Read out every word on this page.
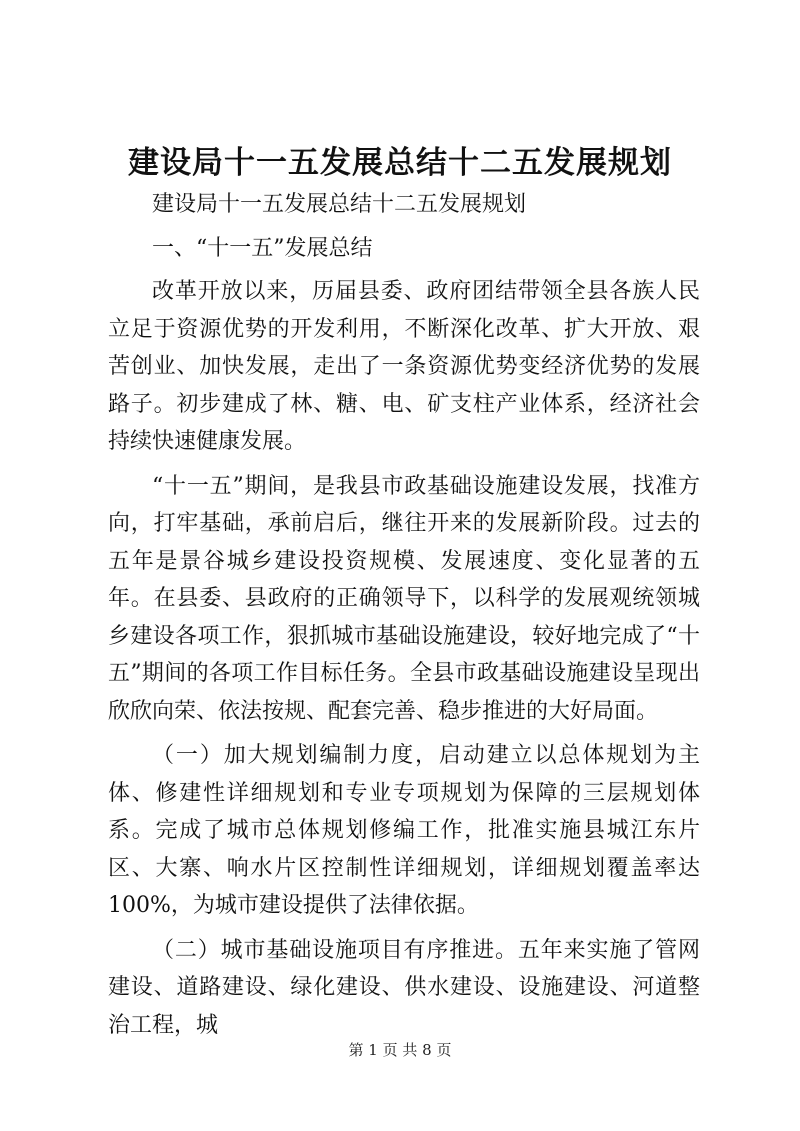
建设局十一五发展总结十二五发展规划

建设局十一五发展总结十二五发展规划

一、“十一五”发展总结

改革开放以来，历届县委、政府团结带领全县各族人民立足于资源优势的开发利用，不断深化改革、扩大开放、艰苦创业、加快发展，走出了一条资源优势变经济优势的发展路子。初步建成了林、糖、电、矿支柱产业体系，经济社会持续快速健康发展。

“十一五”期间，是我县市政基础设施建设发展，找准方向，打牢基础，承前启后，继往开来的发展新阶段。过去的五年是景谷城乡建设投资规模、发展速度、变化显著的五年。在县委、县政府的正确领导下，以科学的发展观统领城乡建设各项工作，狠抓城市基础设施建设，较好地完成了“十五”期间的各项工作目标任务。全县市政基础设施建设呈现出欣欣向荣、依法按规、配套完善、稳步推进的大好局面。

（一）加大规划编制力度，启动建立以总体规划为主体、修建性详细规划和专业专项规划为保障的三层规划体系。完成了城市总体规划修编工作，批准实施县城江东片区、大寨、响水片区控制性详细规划，详细规划覆盖率达100%，为城市建设提供了法律依据。

（二）城市基础设施项目有序推进。五年来实施了管网建设、道路建设、绿化建设、供水建设、设施建设、河道整治工程，城

第 1 页 共 8 页
